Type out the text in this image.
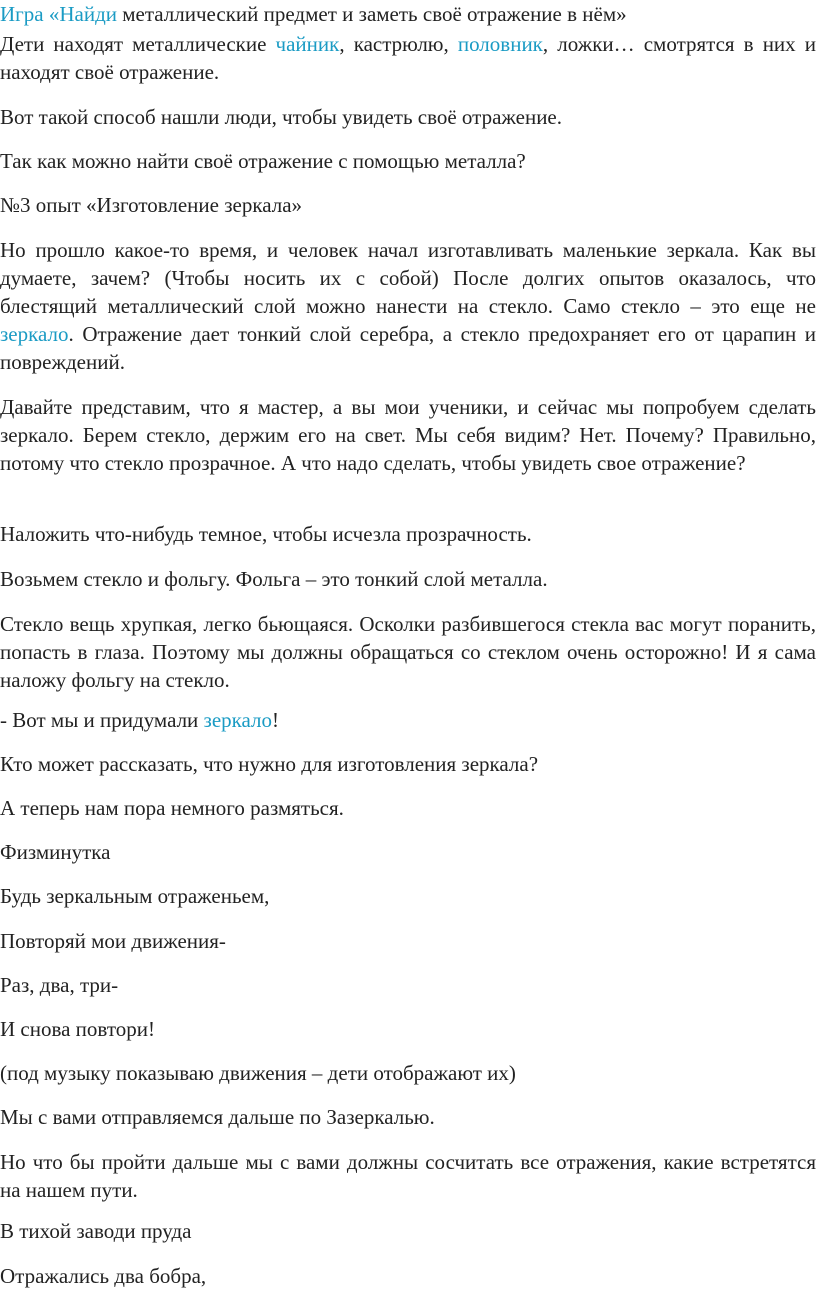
Игра «Найди металлический предмет и заметь своё отражение в нём»
Дети находят металлические чайник, кастрюлю, половник, ложки… смотрятся в них и находят своё отражение.

Вот такой способ нашли люди, чтобы увидеть своё отражение.

Так как можно найти своё отражение с помощью металла?

№3 опыт «Изготовление зеркала»

Но прошло какое-то время, и человек начал изготавливать маленькие зеркала. Как вы думаете, зачем? (Чтобы носить их с собой) После долгих опытов оказалось, что блестящий металлический слой можно нанести на стекло. Само стекло – это еще не зеркало. Отражение дает тонкий слой серебра, а стекло предохраняет его от царапин и повреждений.

Давайте представим, что я мастер, а вы мои ученики, и сейчас мы попробуем сделать зеркало. Берем стекло, держим его на свет. Мы себя видим? Нет. Почему? Правильно, потому что стекло прозрачное. А что надо сделать, чтобы увидеть свое отражение?

Наложить что-нибудь темное, чтобы исчезла прозрачность.

Возьмем стекло и фольгу. Фольга – это тонкий слой металла.

Стекло вещь хрупкая, легко бьющаяся. Осколки разбившегося стекла вас могут поранить, попасть в глаза. Поэтому мы должны обращаться со стеклом очень осторожно! И я сама наложу фольгу на стекло.

- Вот мы и придумали зеркало!

Кто может рассказать, что нужно для изготовления зеркала?

А теперь нам пора немного размяться.

Физминутка

Будь зеркальным отраженьем,

Повторяй мои движения-

Раз, два, три-

И снова повтори!

(под музыку показываю движения – дети отображают их)

Мы с вами отправляемся дальше по Зазеркалью.

Но что бы пройти дальше мы с вами должны сосчитать все отражения, какие встретятся на нашем пути.

В тихой заводи пруда

Отражались два бобра,
